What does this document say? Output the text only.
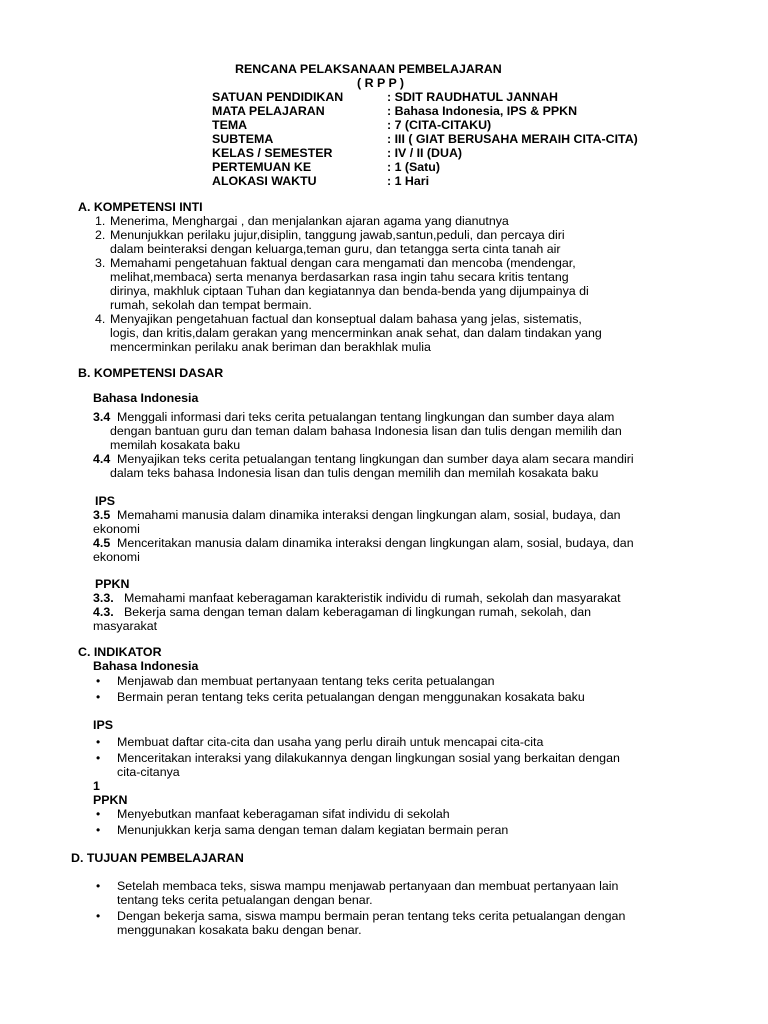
RENCANA PELAKSANAAN PEMBELAJARAN
( R P P )
SATUAN PENDIDIKAN	: SDIT RAUDHATUL JANNAH
MATA PELAJARAN	: Bahasa Indonesia, IPS & PPKN
TEMA	: 7 (CITA-CITAKU)
SUBTEMA	: III ( GIAT BERUSAHA MERAIH CITA-CITA)
KELAS / SEMESTER	: IV / II (DUA)
PERTEMUAN KE	: 1 (Satu)
ALOKASI WAKTU	: 1 Hari
A. KOMPETENSI INTI
1. Menerima, Menghargai , dan menjalankan ajaran agama yang dianutnya
2. Menunjukkan perilaku jujur,disiplin, tanggung jawab,santun,peduli, dan percaya diri
dalam beinteraksi dengan keluarga,teman guru, dan tetangga serta cinta tanah air
3. Memahami pengetahuan faktual dengan cara mengamati dan mencoba (mendengar,
melihat,membaca) serta menanya berdasarkan rasa ingin tahu secara kritis tentang
dirinya, makhluk ciptaan Tuhan dan kegiatannya dan benda-benda yang dijumpainya di
rumah, sekolah dan tempat bermain.
4. Menyajikan pengetahuan factual dan konseptual dalam bahasa yang jelas, sistematis,
logis, dan kritis,dalam gerakan yang mencerminkan anak sehat, dan dalam tindakan yang
mencerminkan perilaku anak beriman dan berakhlak mulia
B. KOMPETENSI DASAR
Bahasa Indonesia
3.4 Menggali informasi dari teks cerita petualangan tentang lingkungan dan sumber daya alam
dengan bantuan guru dan teman dalam bahasa Indonesia lisan dan tulis dengan memilih dan
memilah kosakata baku
4.4 Menyajikan teks cerita petualangan tentang lingkungan dan sumber daya alam secara mandiri
dalam teks bahasa Indonesia lisan dan tulis dengan memilih dan memilah kosakata baku
IPS
3.5 Memahami manusia dalam dinamika interaksi dengan lingkungan alam, sosial, budaya, dan
ekonomi
4.5 Menceritakan manusia dalam dinamika interaksi dengan lingkungan alam, sosial, budaya, dan
ekonomi
PPKN
3.3. Memahami manfaat keberagaman karakteristik individu di rumah, sekolah dan masyarakat
4.3. Bekerja sama dengan teman dalam keberagaman di lingkungan rumah, sekolah, dan
masyarakat
C. INDIKATOR
Bahasa Indonesia
• Menjawab dan membuat pertanyaan tentang teks cerita petualangan
• Bermain peran tentang teks cerita petualangan dengan menggunakan kosakata baku
IPS
• Membuat daftar cita-cita dan usaha yang perlu diraih untuk mencapai cita-cita
• Menceritakan interaksi yang dilakukannya dengan lingkungan sosial yang berkaitan dengan
cita-citanya
1
PPKN
• Menyebutkan manfaat keberagaman sifat individu di sekolah
• Menunjukkan kerja sama dengan teman dalam kegiatan bermain peran
D. TUJUAN PEMBELAJARAN
• Setelah membaca teks, siswa mampu menjawab pertanyaan dan membuat pertanyaan lain
tentang teks cerita petualangan dengan benar.
• Dengan bekerja sama, siswa mampu bermain peran tentang teks cerita petualangan dengan
menggunakan kosakata baku dengan benar.
